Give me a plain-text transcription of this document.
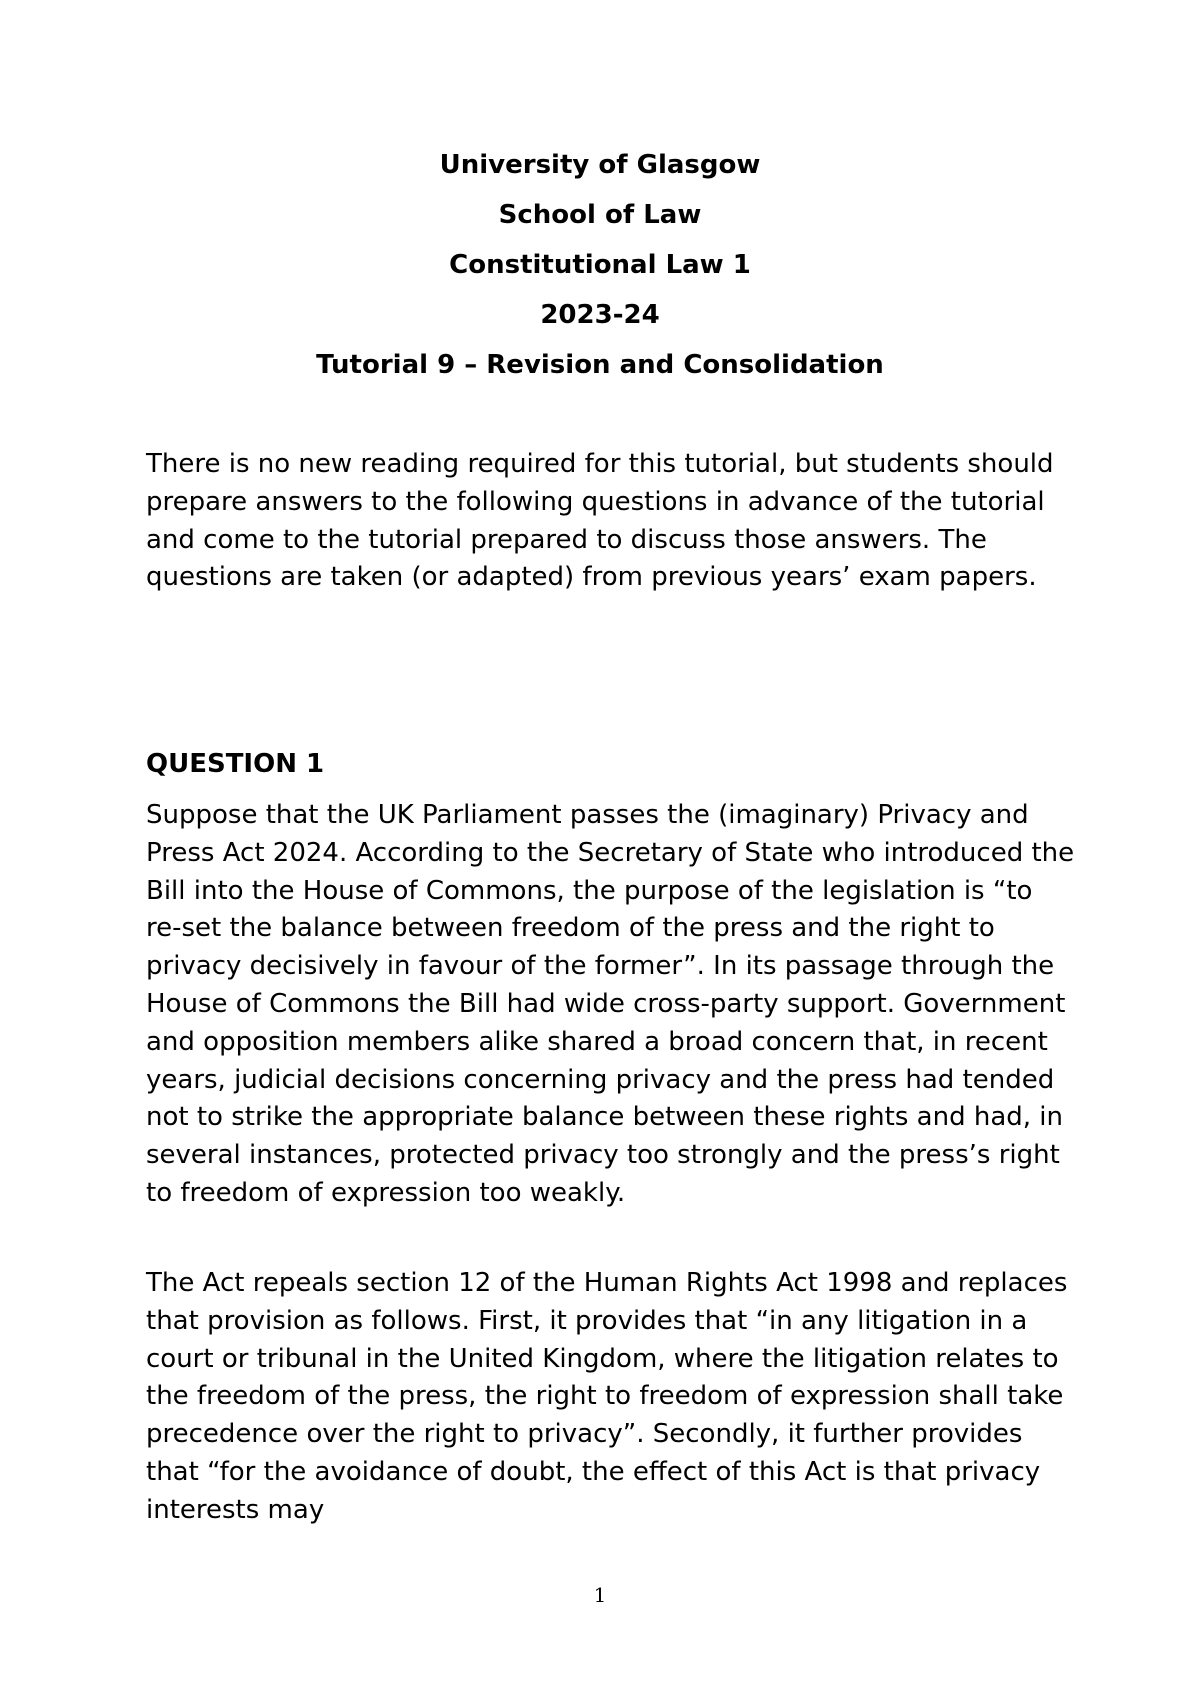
University of Glasgow
School of Law
Constitutional Law 1
2023-24
Tutorial 9 – Revision and Consolidation

There is no new reading required for this tutorial, but students should prepare answers to the following questions in advance of the tutorial and come to the tutorial prepared to discuss those answers. The questions are taken (or adapted) from previous years’ exam papers.

QUESTION 1

Suppose that the UK Parliament passes the (imaginary) Privacy and Press Act 2024. According to the Secretary of State who introduced the Bill into the House of Commons, the purpose of the legislation is “to re-set the balance between freedom of the press and the right to privacy decisively in favour of the former”. In its passage through the House of Commons the Bill had wide cross-party support. Government and opposition members alike shared a broad concern that, in recent years, judicial decisions concerning privacy and the press had tended not to strike the appropriate balance between these rights and had, in several instances, protected privacy too strongly and the press’s right to freedom of expression too weakly.

The Act repeals section 12 of the Human Rights Act 1998 and replaces that provision as follows. First, it provides that “in any litigation in a court or tribunal in the United Kingdom, where the litigation relates to the freedom of the press, the right to freedom of expression shall take precedence over the right to privacy”. Secondly, it further provides that “for the avoidance of doubt, the effect of this Act is that privacy interests may

1
